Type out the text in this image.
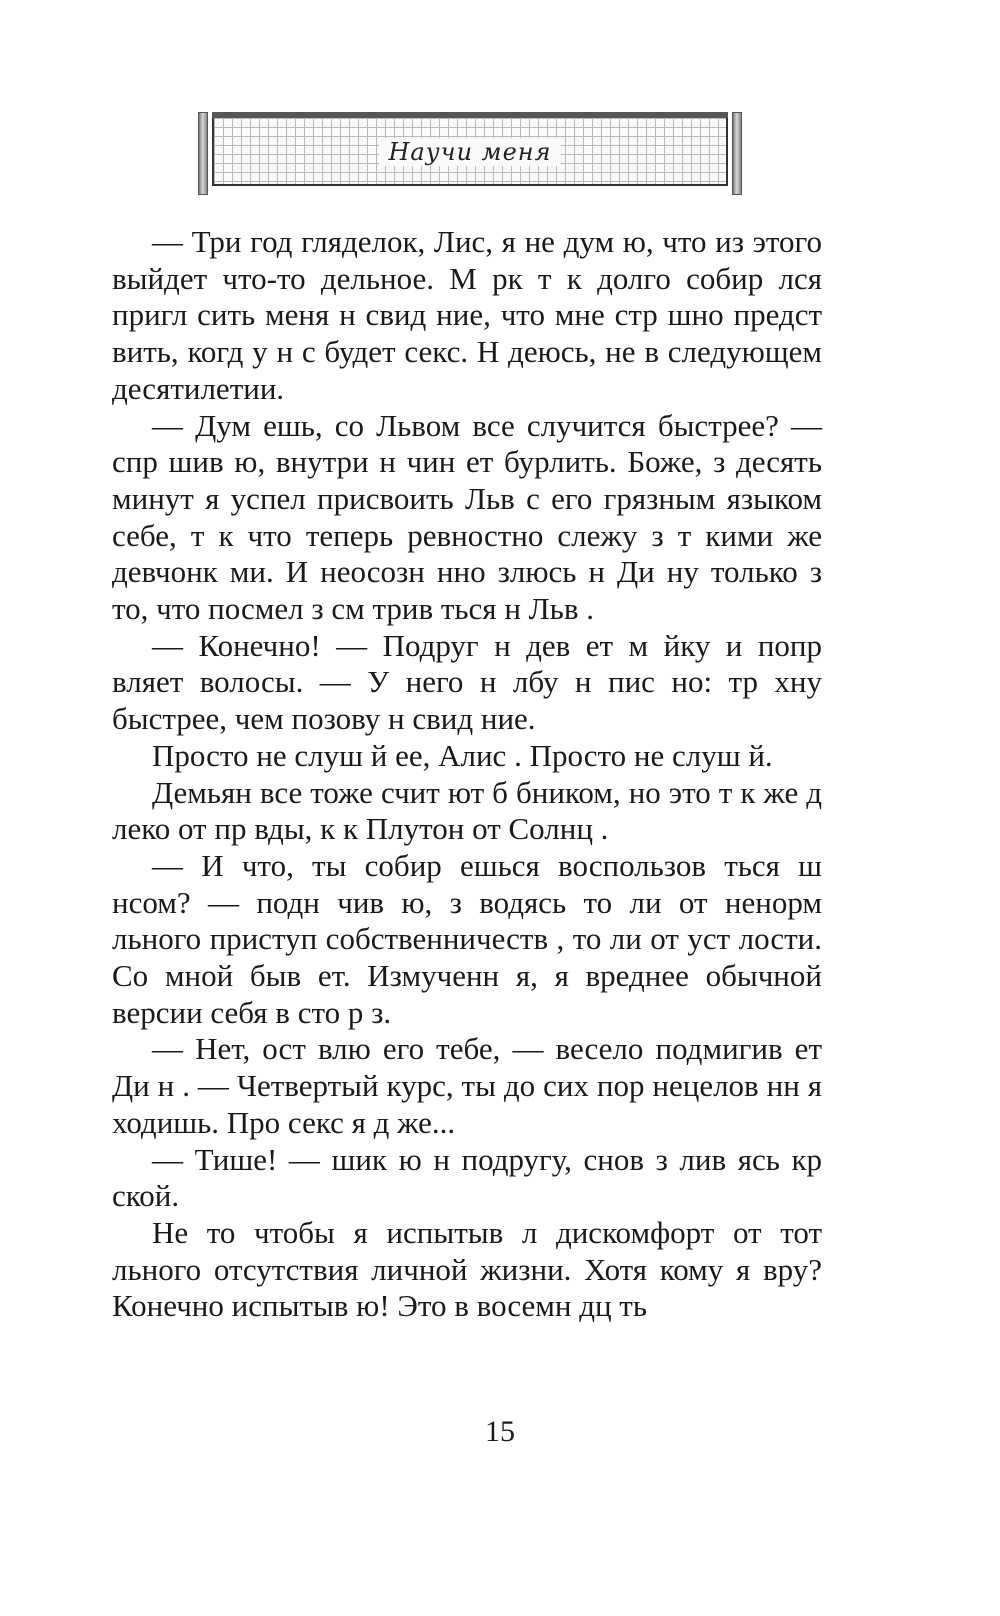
Научи меня

— Три год гляделок, Лис, я не дум ю, что из этого выйдет что-то дельное. М рк т к долго собир лся пригл сить меня н свид ние, что мне стр шно предст вить, когд у н с будет секс. Н деюсь, не в следующем десятилетии.

— Дум ешь, со Львом все случится быстрее? — спр шив ю, внутри н чин ет бурлить. Боже, з десять минут я успел присвоить Льв с его грязным языком себе, т к что теперь ревностно слежу з т кими же девчонк ми. И неосозн нно злюсь н Ди ну только з то, что посмел з см трив ться н Льв .

— Конечно! — Подруг н дев ет м йку и попр вляет волосы. — У него н лбу н пис но: тр хну быстрее, чем позову н свид ние.

Просто не слуш й ее, Алис . Просто не слуш й.

Демьян все тоже счит ют б бником, но это т к же д леко от пр вды, к к Плутон от Солнц .

— И что, ты собир ешься воспользов ться ш нсом? — подн чив ю, з водясь то ли от ненорм льного приступ собственничеств , то ли от уст лости. Со мной быв ет. Измученн я, я вреднее обычной версии себя в сто р з.

— Нет, ост влю его тебе, — весело подмигив ет Ди н . — Четвертый курс, ты до сих пор нецелов нн я ходишь. Про секс я д же...

— Тише! — шик ю н подругу, снов з лив ясь кр ской.

Не то чтобы я испытыв л дискомфорт от тот льного отсутствия личной жизни. Хотя кому я вру? Конечно испытыв ю! Это в восемн дц ть

15
